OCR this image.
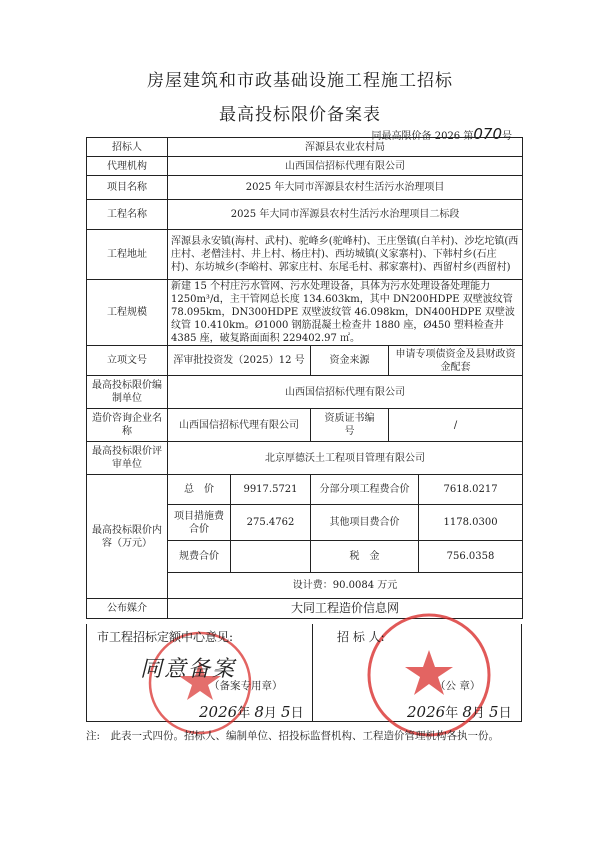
房屋建筑和市政基础设施工程施工招标
最高投标限价备案表
同最高限价备 2026 第070号
招标人	浑源县农业农村局				
代理机构	山西国信招标代理有限公司				
项目名称	2025 年大同市浑源县农村生活污水治理项目				
工程名称	2025 年大同市浑源县农村生活污水治理项目二标段				
工程地址	浑源县永安镇(海村、武村)、驼峰乡(驼峰村)、王庄堡镇(白羊村)、沙圪坨镇(西庄村、老僧洼村、井上村、杨庄村)、西坊城镇(义家寨村)、下韩村乡(石庄村)、东坊城乡(李峪村、郭家庄村、东尾毛村、郝家寨村)、西留村乡(西留村)				
工程规模	新建 15 个村庄污水管网、污水处理设备，具体为污水处理设备处理能力 1250m³/d，主干管网总长度 134.603km，其中 DN200HDPE 双壁波纹管 78.095km，DN300HDPE 双壁波纹管 46.098km，DN400HDPE 双壁波纹管 10.410km。Ø1000 钢筋混凝土检查井 1880 座，Ø450 塑料检查井 4385 座，破复路面面积 229402.97 ㎡。				
立项文号	浑审批投资发（2025）12 号		资金来源	申请专项债资金及县财政资金配套	
最高投标限价编制单位	山西国信招标代理有限公司				
造价咨询企业名称	山西国信招标代理有限公司		资质证书编　　号	/	
最高投标限价评审单位	北京厚德沃土工程项目管理有限公司				
最高投标限价内容（万元）	总　价	9917.5721	分部分项工程费合价		7618.0217
	项目措施费合价	275.4762	其他项目费合价		1178.0300
	规费合价		税　金		756.0358
	设计费：90.0084 万元				
公布媒介	大同工程造价信息网				
市工程招标定额中心意见:
同意备案
（备案专用章）
2026年 8月 5日
招 标 人:
（公 章）
2026年 8月 5日
注:　此表一式四份。招标人、编制单位、招投标监督机构、工程造价管理机构各执一份。
